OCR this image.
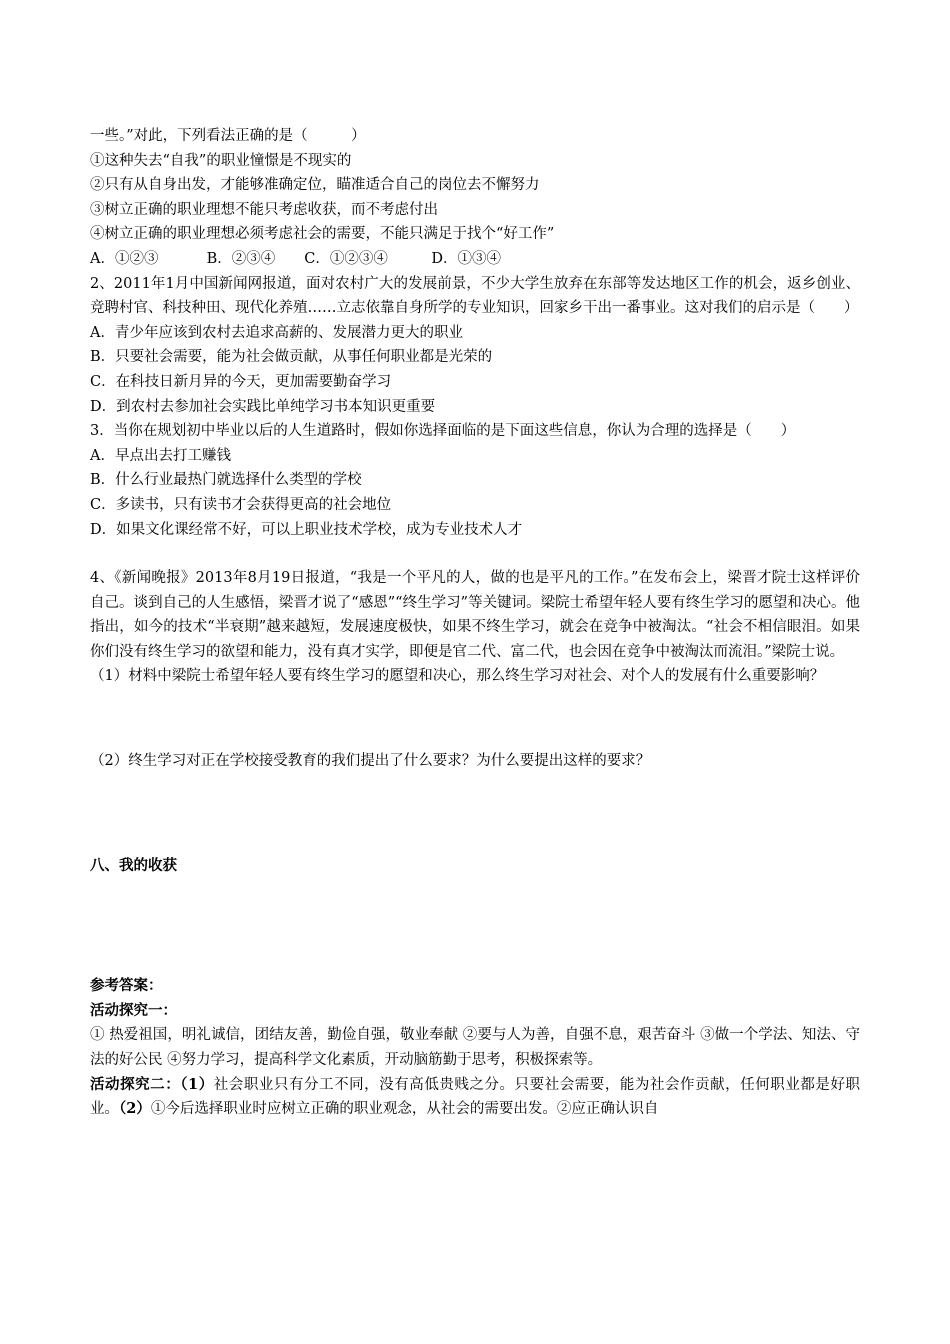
一些。”对此，下列看法正确的是（　　　）

①这种失去“自我”的职业憧憬是不现实的

②只有从自身出发，才能够准确定位，瞄准适合自己的岗位去不懈努力

③树立正确的职业理想不能只考虑收获，而不考虑付出

④树立正确的职业理想必须考虑社会的需要，不能只满足于找个“好工作”

A．①②③　　　 B．②③④　　C．①②③④　　　D．①③④

2、2011年1月中国新闻网报道，面对农村广大的发展前景，不少大学生放弃在东部等发达地区工作的机会，返乡创业、竞聘村官、科技种田、现代化养殖……立志依靠自身所学的专业知识，回家乡干出一番事业。这对我们的启示是（　　）

A．青少年应该到农村去追求高薪的、发展潜力更大的职业

B．只要社会需要，能为社会做贡献，从事任何职业都是光荣的

C．在科技日新月异的今天，更加需要勤奋学习

D．到农村去参加社会实践比单纯学习书本知识更重要

3．当你在规划初中毕业以后的人生道路时，假如你选择面临的是下面这些信息，你认为合理的选择是（　　）

A．早点出去打工赚钱

B．什么行业最热门就选择什么类型的学校

C．多读书，只有读书才会获得更高的社会地位

D．如果文化课经常不好，可以上职业技术学校，成为专业技术人才

4、《新闻晚报》2013年8月19日报道，“我是一个平凡的人，做的也是平凡的工作。”在发布会上，梁晋才院士这样评价自己。谈到自己的人生感悟，梁晋才说了“感恩”“终生学习”等关键词。梁院士希望年轻人要有终生学习的愿望和决心。他指出，如今的技术“半衰期”越来越短，发展速度极快，如果不终生学习，就会在竞争中被淘汰。“社会不相信眼泪。如果你们没有终生学习的欲望和能力，没有真才实学，即便是官二代、富二代，也会因在竞争中被淘汰而流泪。”梁院士说。

（1）材料中梁院士希望年轻人要有终生学习的愿望和决心，那么终生学习对社会、对个人的发展有什么重要影响？

（2）终生学习对正在学校接受教育的我们提出了什么要求？为什么要提出这样的要求？

八、我的收获

参考答案：

活动探究一：

① 热爱祖国，明礼诚信，团结友善，勤俭自强，敬业奉献 ②要与人为善，自强不息，艰苦奋斗 ③做一个学法、知法、守法的好公民 ④努力学习，提高科学文化素质，开动脑筋勤于思考，积极探索等。

活动探究二：（1）社会职业只有分工不同，没有高低贵贱之分。只要社会需要，能为社会作贡献，任何职业都是好职业。（2）①今后选择职业时应树立正确的职业观念，从社会的需要出发。②应正确认识自
